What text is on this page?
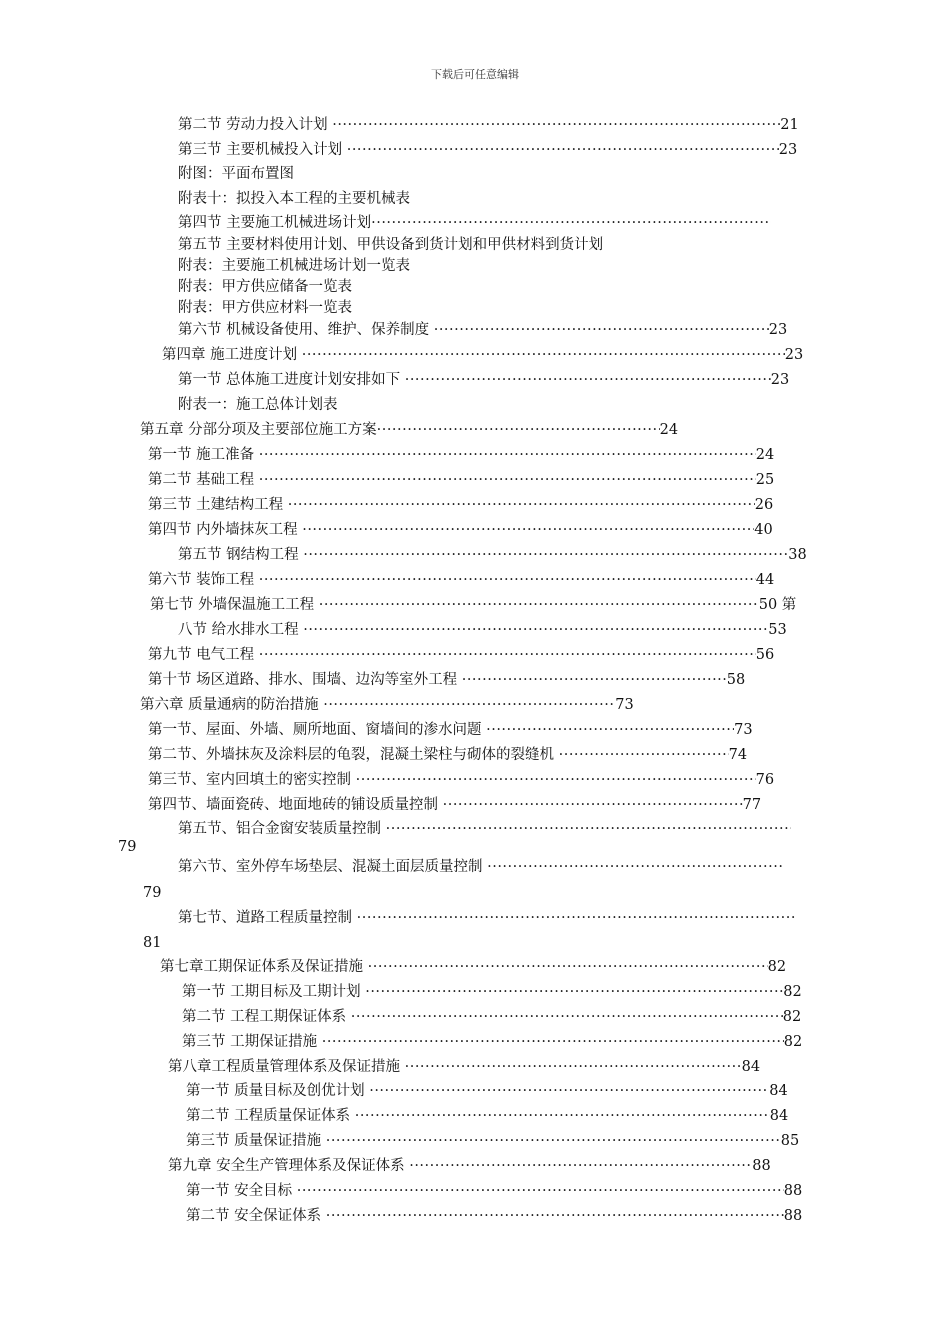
下载后可任意编辑
第二节 劳动力投入计划 ·····	21
第三节 主要机械投入计划 ·····	23
附图：平面布置图
附表十：拟投入本工程的主要机械表
第四节 主要施工机械进场计划·····
第五节 主要材料使用计划、甲供设备到货计划和甲供材料到货计划
附表：主要施工机械进场计划一览表
附表：甲方供应储备一览表
附表：甲方供应材料一览表
第六节 机械设备使用、维护、保养制度 ·····	23
第四章 施工进度计划 ·····	23
第一节 总体施工进度计划安排如下 ·····	23
附表一：施工总体计划表
第五章 分部分项及主要部位施工方案 ·····	24
第一节 施工准备 ·····	24
第二节 基础工程 ·····	25
第三节 土建结构工程 ·····	26
第四节 内外墙抹灰工程 ·····	40
第五节 钢结构工程 ·····	38
第六节 装饰工程 ·····	44
第七节 外墙保温施工工程 ·····	50 第
八节 给水排水工程 ·····	53
第九节 电气工程 ·····	56
第十节 场区道路、排水、围墙、边沟等室外工程 ·····	58
第六章 质量通病的防治措施 ·····	73
第一节、屋面、外墙、厕所地面、窗墙间的渗水问题 ·····	73
第二节、外墙抹灰及涂料层的龟裂，混凝土梁柱与砌体的裂缝机 ·····	74
第三节、室内回填土的密实控制 ·····	76
第四节、墙面瓷砖、地面地砖的铺设质量控制 ·····	77
第五节、铝合金窗安装质量控制 ·····
79
第六节、室外停车场垫层、混凝土面层质量控制 ·····
79
第七节、道路工程质量控制 ·····
81
第七章工期保证体系及保证措施 ·····	82
第一节 工期目标及工期计划 ·····	82
第二节 工程工期保证体系 ·····	82
第三节 工期保证措施 ·····	82
第八章工程质量管理体系及保证措施 ·····	84
第一节 质量目标及创优计划 ·····	84
第二节 工程质量保证体系 ·····	84
第三节 质量保证措施 ·····	85
第九章 安全生产管理体系及保证体系 ·····	88
第一节 安全目标 ·····	88
第二节 安全保证体系 ·····	88
